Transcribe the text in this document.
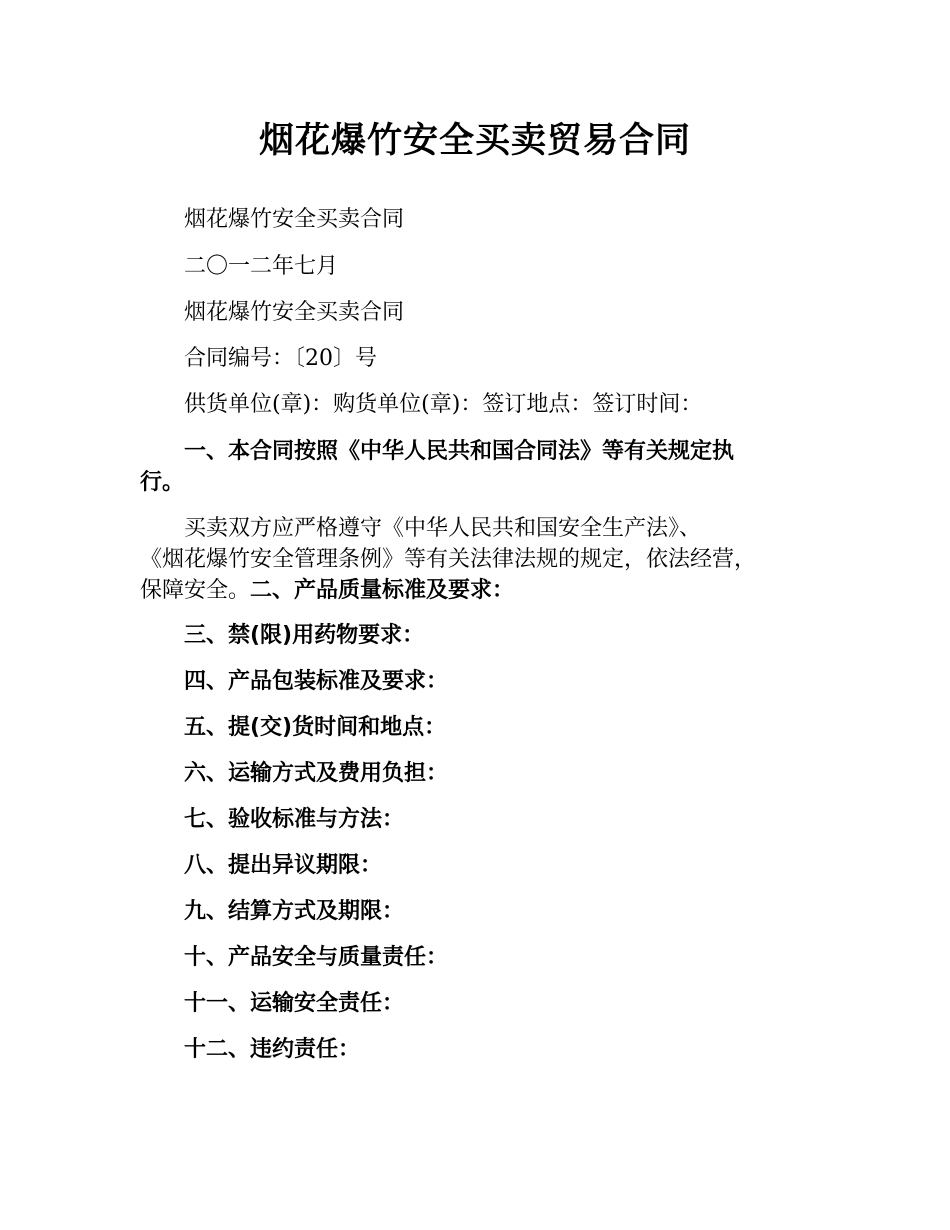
烟花爆竹安全买卖贸易合同

烟花爆竹安全买卖合同

二〇一二年七月

烟花爆竹安全买卖合同

合同编号：〔20〕号

供货单位(章)：购货单位(章)：签订地点：签订时间：

一、本合同按照《中华人民共和国合同法》等有关规定执

行。

买卖双方应严格遵守《中华人民共和国安全生产法》、

《烟花爆竹安全管理条例》等有关法律法规的规定，依法经营，

保障安全。二、产品质量标准及要求：

三、禁(限)用药物要求：

四、产品包装标准及要求：

五、提(交)货时间和地点：

六、运输方式及费用负担：

七、验收标准与方法：

八、提出异议期限：

九、结算方式及期限：

十、产品安全与质量责任：

十一、运输安全责任：

十二、违约责任：
